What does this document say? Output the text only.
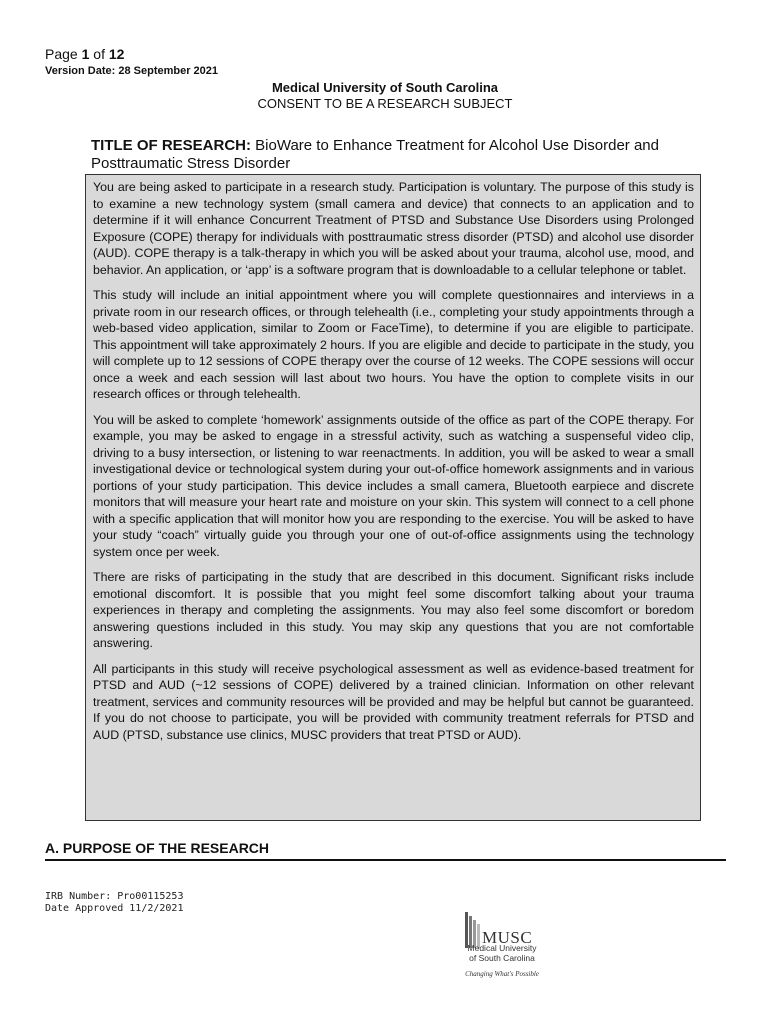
Page 1 of 12
Version Date: 28 September 2021
Medical University of South Carolina
CONSENT TO BE A RESEARCH SUBJECT
TITLE OF RESEARCH: BioWare to Enhance Treatment for Alcohol Use Disorder and Posttraumatic Stress Disorder

You are being asked to participate in a research study. Participation is voluntary. The purpose of this study is to examine a new technology system (small camera and device) that connects to an application and to determine if it will enhance Concurrent Treatment of PTSD and Substance Use Disorders using Prolonged Exposure (COPE) therapy for individuals with posttraumatic stress disorder (PTSD) and alcohol use disorder (AUD). COPE therapy is a talk-therapy in which you will be asked about your trauma, alcohol use, mood, and behavior. An application, or ‘app’ is a software program that is downloadable to a cellular telephone or tablet.

This study will include an initial appointment where you will complete questionnaires and interviews in a private room in our research offices, or through telehealth (i.e., completing your study appointments through a web-based video application, similar to Zoom or FaceTime), to determine if you are eligible to participate. This appointment will take approximately 2 hours. If you are eligible and decide to participate in the study, you will complete up to 12 sessions of COPE therapy over the course of 12 weeks. The COPE sessions will occur once a week and each session will last about two hours. You have the option to complete visits in our research offices or through telehealth.

You will be asked to complete ‘homework’ assignments outside of the office as part of the COPE therapy. For example, you may be asked to engage in a stressful activity, such as watching a suspenseful video clip, driving to a busy intersection, or listening to war reenactments. In addition, you will be asked to wear a small investigational device or technological system during your out-of-office homework assignments and in various portions of your study participation. This device includes a small camera, Bluetooth earpiece and discrete monitors that will measure your heart rate and moisture on your skin. This system will connect to a cell phone with a specific application that will monitor how you are responding to the exercise. You will be asked to have your study “coach” virtually guide you through your one of out-of-office assignments using the technology system once per week.

There are risks of participating in the study that are described in this document. Significant risks include emotional discomfort. It is possible that you might feel some discomfort talking about your trauma experiences in therapy and completing the assignments. You may also feel some discomfort or boredom answering questions included in this study. You may skip any questions that you are not comfortable answering.

All participants in this study will receive psychological assessment as well as evidence-based treatment for PTSD and AUD (~12 sessions of COPE) delivered by a trained clinician. Information on other relevant treatment, services and community resources will be provided and may be helpful but cannot be guaranteed. If you do not choose to participate, you will be provided with community treatment referrals for PTSD and AUD (PTSD, substance use clinics, MUSC providers that treat PTSD or AUD).

A. PURPOSE OF THE RESEARCH
IRB Number: Pro00115253
Date Approved 11/2/2021
MUSC
Medical University
of South Carolina
Changing What's Possible
